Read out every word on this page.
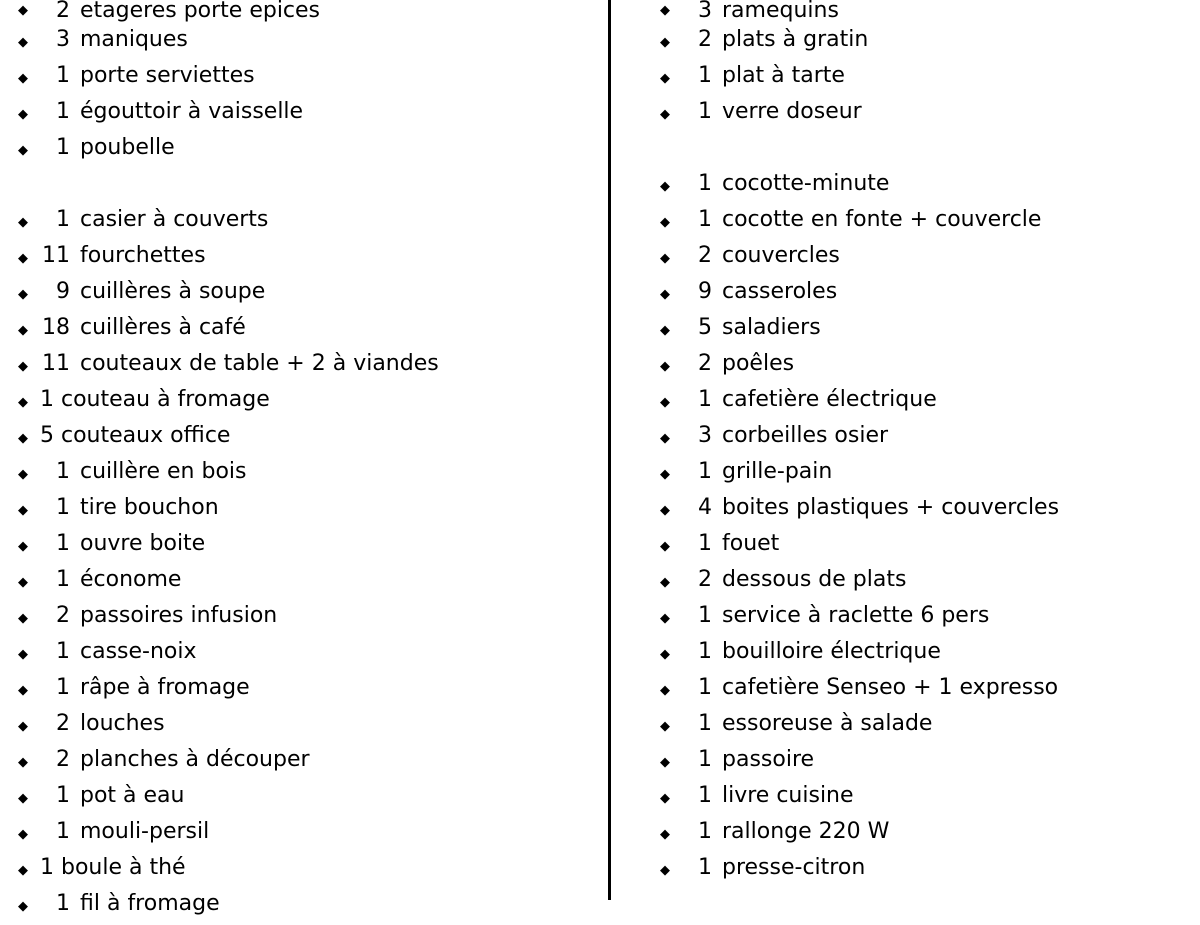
◆	2 etageres porte epices
◆	3 maniques
◆	1 porte serviettes
◆	1 égouttoir à vaisselle
◆	1 poubelle
◆	1 casier à couverts
◆ 11 fourchettes
◆	9 cuillères à soupe
◆ 18 cuillères à café
◆ 11 couteaux de table + 2 à viandes
◆ 1 couteau à fromage
◆ 5 couteaux office
◆	1 cuillère en bois
◆	1 tire bouchon
◆	1 ouvre boite
◆	1 économe
◆	2 passoires infusion
◆	1 casse-noix
◆	1 râpe à fromage
◆	2 louches
◆	2 planches à découper
◆	1 pot à eau
◆	1 mouli-persil
◆ 1 boule à thé
◆	1 fil à fromage
◆	3 ramequins
◆	2 plats à gratin
◆	1 plat à tarte
◆	1 verre doseur
◆	1 cocotte-minute
◆	1 cocotte en fonte + couvercle
◆	2 couvercles
◆	9 casseroles
◆	5 saladiers
◆	2 poêles
◆	1 cafetière électrique
◆	3 corbeilles osier
◆	1 grille-pain
◆	4 boites plastiques + couvercles
◆	1 fouet
◆	2 dessous de plats
◆	1 service à raclette 6 pers
◆	1 bouilloire électrique
◆	1 cafetière Senseo + 1 expresso
◆	1 essoreuse à salade
◆	1 passoire
◆	1 livre cuisine
◆	1 rallonge 220 W
◆	1 presse-citron
